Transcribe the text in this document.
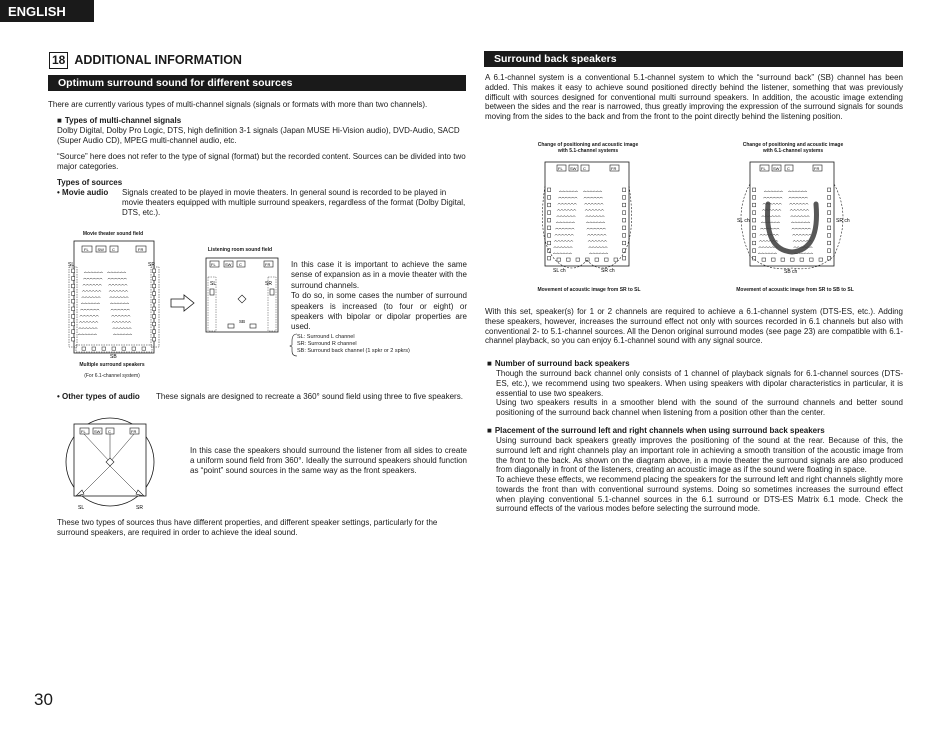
ENGLISH
18 ADDITIONAL INFORMATION
Optimum surround sound for different sources
There are currently various types of multi-channel signals (signals or formats with more than two channels).
■ Types of multi-channel signals
Dolby Digital, Dolby Pro Logic, DTS, high definition 3-1 signals (Japan MUSE Hi-Vision audio), DVD-Audio, SACD (Super Audio CD), MPEG multi-channel audio, etc.
“Source” here does not refer to the type of signal (format) but the recorded content. Sources can be divided into two major categories.
Types of sources
• Movie audio Signals created to be played in movie theaters. In general sound is recorded to be played in movie theaters equipped with multiple surround speakers, regardless of the format (Dolby Digital, DTS, etc.).
Movie theater sound field
FL SW C	FR
SL	SR
SB
Multiple surround speakers
(For 6.1-channel system)
Listening room sound field
FL SW C	FR
SL	SR
SB
In this case it is important to achieve the same sense of expansion as in a movie theater with the surround channels.
To do so, in some cases the number of surround speakers is increased (to four or eight) or speakers with bipolar or dipolar properties are used.
SL: Surround L channel
SR: Surround R channel
SB: Surround back channel (1 spkr or 2 spkrs)
• Other types of audio These signals are designed to recreate a 360° sound field using three to five speakers.
FL SW C	FR
SL	SR
In this case the speakers should surround the listener from all sides to create a uniform sound field from 360°. Ideally the surround speakers should function as “point” sound sources in the same way as the front speakers.
These two types of sources thus have different properties, and different speaker settings, particularly for the surround speakers, are required in order to achieve the ideal sound.
Surround back speakers
A 6.1-channel system is a conventional 5.1-channel system to which the “surround back” (SB) channel has been added. This makes it easy to achieve sound positioned directly behind the listener, something that was previously difficult with sources designed for conventional multi surround speakers. In addition, the acoustic image extending between the sides and the rear is narrowed, thus greatly improving the expression of the surround signals for sounds moving from the sides to the back and from the front to the point directly behind the listening position.
Change of positioning and acoustic image
with 5.1-channel systems
FL SW C	FR
SL ch	SR ch
Movement of acoustic image from SR to SL
Change of positioning and acoustic image
with 6.1-channel systems
FL SW C	FR
SL ch	SR ch
SB ch
Movement of acoustic image from SR to SB to SL
With this set, speaker(s) for 1 or 2 channels are required to achieve a 6.1-channel system (DTS-ES, etc.). Adding these speakers, however, increases the surround effect not only with sources recorded in 6.1 channels but also with conventional 2- to 5.1-channel sources. All the Denon original surround modes (see page 23) are compatible with 6.1-channel playback, so you can enjoy 6.1-channel sound with any signal source.
■ Number of surround back speakers
Though the surround back channel only consists of 1 channel of playback signals for 6.1-channel sources (DTS-ES, etc.), we recommend using two speakers. When using speakers with dipolar characteristics in particular, it is essential to use two speakers.
Using two speakers results in a smoother blend with the sound of the surround channels and better sound positioning of the surround back channel when listening from a position other than the center.
■ Placement of the surround left and right channels when using surround back speakers
Using surround back speakers greatly improves the positioning of the sound at the rear. Because of this, the surround left and right channels play an important role in achieving a smooth transition of the acoustic image from the front to the back. As shown on the diagram above, in a movie theater the surround signals are also produced from diagonally in front of the listeners, creating an acoustic image as if the sound were floating in space.
To achieve these effects, we recommend placing the speakers for the surround left and right channels slightly more towards the front than with conventional surround systems. Doing so sometimes increases the surround effect when playing conventional 5.1-channel sources in the 6.1 surround or DTS-ES Matrix 6.1 mode. Check the surround effects of the various modes before selecting the surround mode.
30
